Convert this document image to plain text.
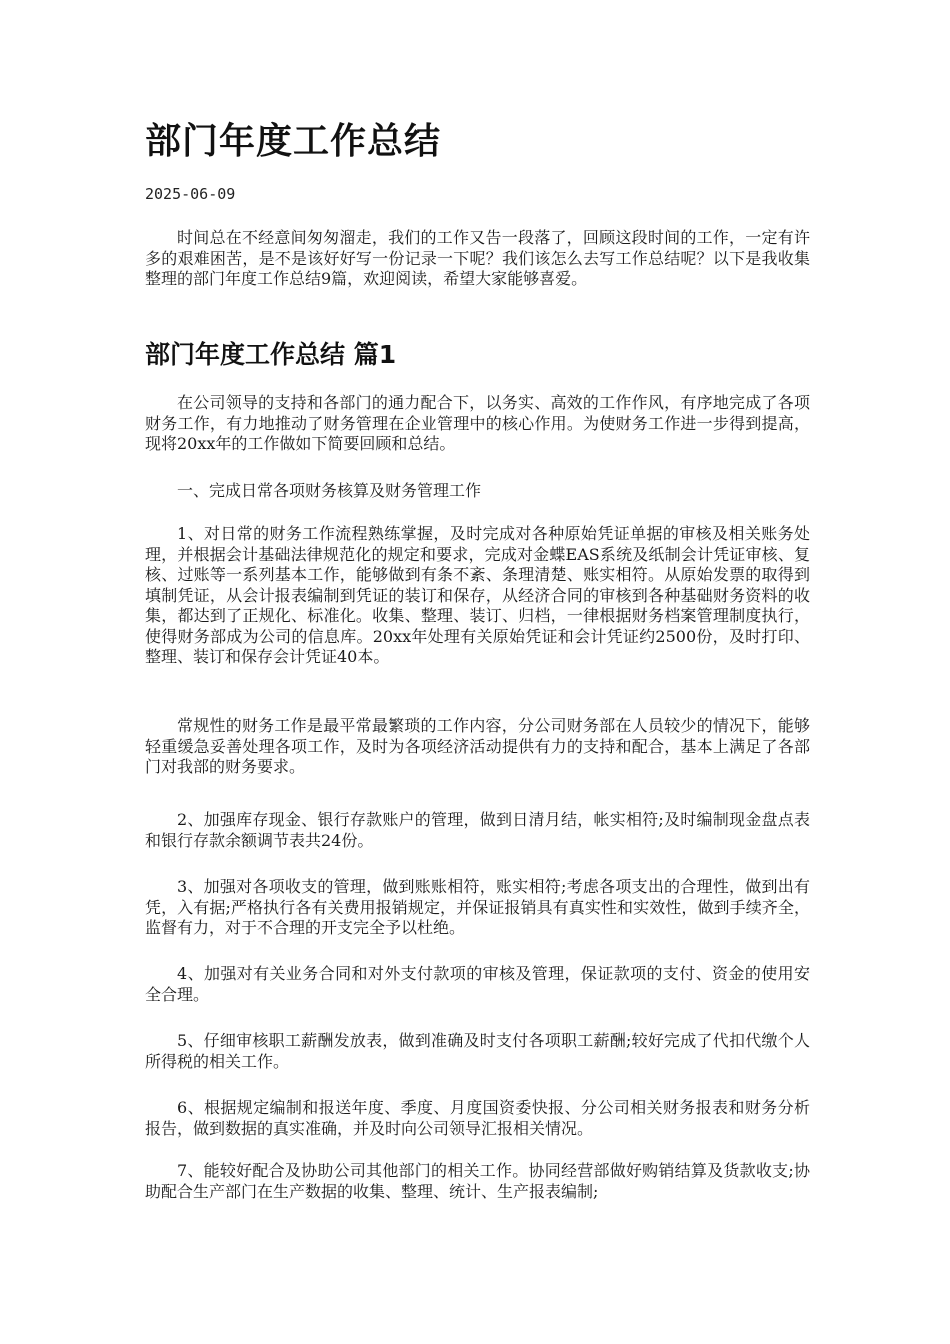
部门年度工作总结
2025-06-09

时间总在不经意间匆匆溜走，我们的工作又告一段落了，回顾这段时间的工作，一定有许多的艰难困苦，是不是该好好写一份记录一下呢？我们该怎么去写工作总结呢？以下是我收集整理的部门年度工作总结9篇，欢迎阅读，希望大家能够喜爱。

部门年度工作总结 篇1

在公司领导的支持和各部门的通力配合下，以务实、高效的工作作风，有序地完成了各项财务工作，有力地推动了财务管理在企业管理中的核心作用。为使财务工作进一步得到提高，现将20xx年的工作做如下简要回顾和总结。

一、完成日常各项财务核算及财务管理工作

1、对日常的财务工作流程熟练掌握，及时完成对各种原始凭证单据的审核及相关账务处理，并根据会计基础法律规范化的规定和要求，完成对金蝶EAS系统及纸制会计凭证审核、复核、过账等一系列基本工作，能够做到有条不紊、条理清楚、账实相符。从原始发票的取得到填制凭证，从会计报表编制到凭证的装订和保存，从经济合同的审核到各种基础财务资料的收集，都达到了正规化、标准化。收集、整理、装订、归档，一律根据财务档案管理制度执行，使得财务部成为公司的信息库。20xx年处理有关原始凭证和会计凭证约2500份，及时打印、整理、装订和保存会计凭证40本。

常规性的财务工作是最平常最繁琐的工作内容，分公司财务部在人员较少的情况下，能够轻重缓急妥善处理各项工作，及时为各项经济活动提供有力的支持和配合，基本上满足了各部门对我部的财务要求。

2、加强库存现金、银行存款账户的管理，做到日清月结，帐实相符;及时编制现金盘点表和银行存款余额调节表共24份。

3、加强对各项收支的管理，做到账账相符，账实相符;考虑各项支出的合理性，做到出有凭，入有据;严格执行各有关费用报销规定，并保证报销具有真实性和实效性，做到手续齐全，监督有力，对于不合理的开支完全予以杜绝。

4、加强对有关业务合同和对外支付款项的审核及管理，保证款项的支付、资金的使用安全合理。

5、仔细审核职工薪酬发放表，做到准确及时支付各项职工薪酬;较好完成了代扣代缴个人所得税的相关工作。

6、根据规定编制和报送年度、季度、月度国资委快报、分公司相关财务报表和财务分析报告，做到数据的真实准确，并及时向公司领导汇报相关情况。

7、能较好配合及协助公司其他部门的相关工作。协同经营部做好购销结算及货款收支;协助配合生产部门在生产数据的收集、整理、统计、生产报表编制;
